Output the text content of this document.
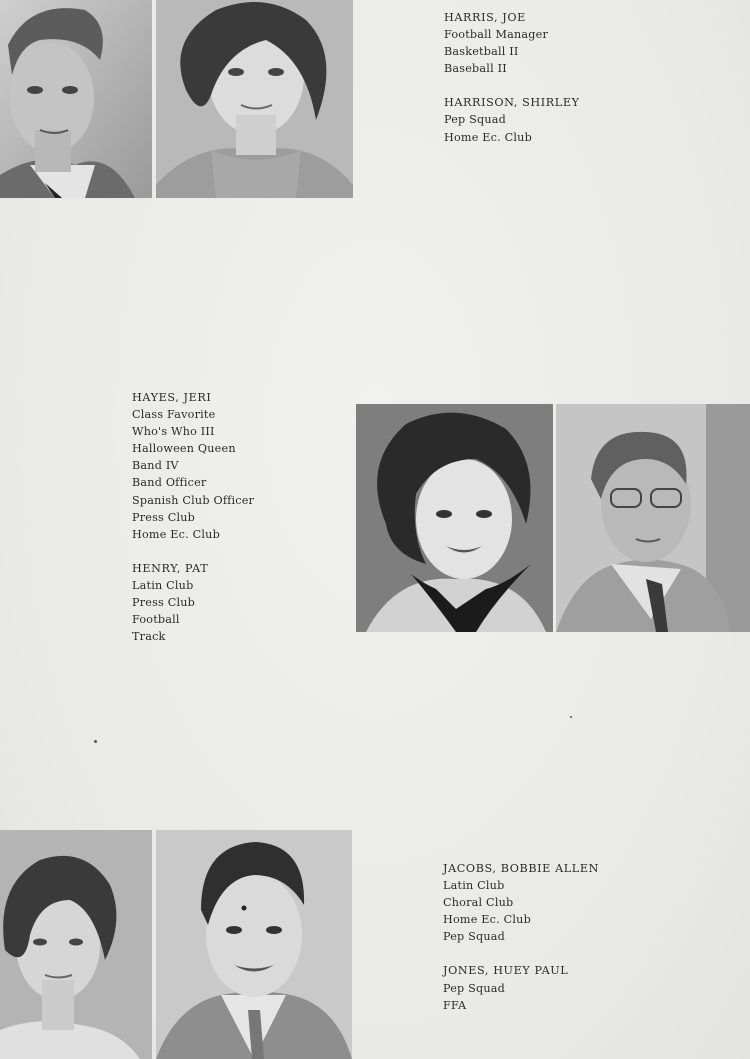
HARRIS, JOE
Football Manager
Basketball II
Baseball II
HARRISON, SHIRLEY
Pep Squad
Home Ec. Club
HAYES, JERI
Class Favorite
Who's Who III
Halloween Queen
Band IV
Band Officer
Spanish Club Officer
Press Club
Home Ec. Club
HENRY, PAT
Latin Club
Press Club
Football
Track
JACOBS, BOBBIE ALLEN
Latin Club
Choral Club
Home Ec. Club
Pep Squad
JONES, HUEY PAUL
Pep Squad
FFA
